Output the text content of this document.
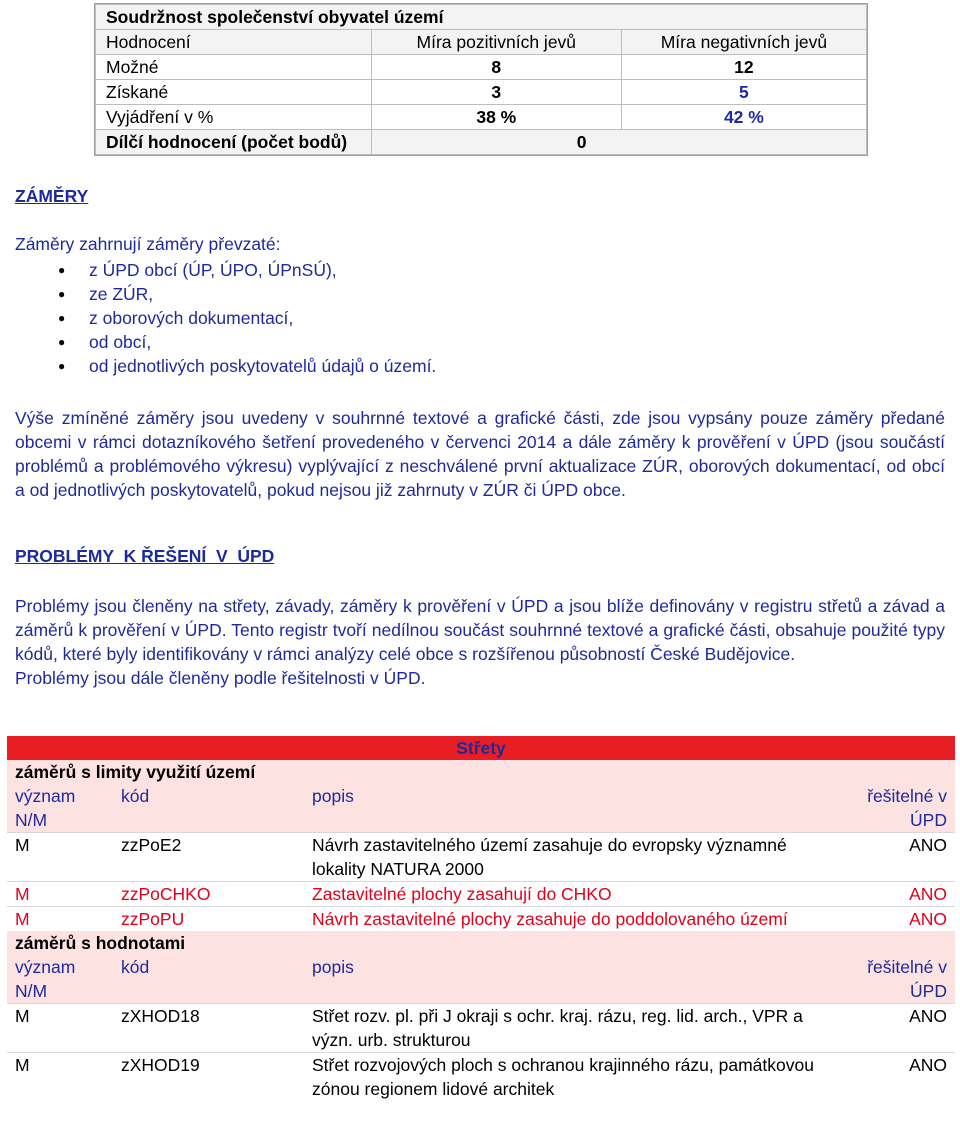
Soudržnost společenství obyvatel území		
Hodnocení	Míra pozitivních jevů	Míra negativních jevů
Možné	8	12
Získané	3	5
Vyjádření v %	38 %	42 %
Dílčí hodnocení (počet bodů)	0	
ZÁMĚRY
Záměry zahrnují záměry převzaté:
● z ÚPD obcí (ÚP, ÚPO, ÚPnSÚ),
● ze ZÚR,
● z oborových dokumentací,
● od obcí,
● od jednotlivých poskytovatelů údajů o území.
Výše zmíněné záměry jsou uvedeny v souhrnné textové a grafické části, zde jsou vypsány pouze záměry předané obcemi v rámci dotazníkového šetření provedeného v červenci 2014 a dále záměry k prověření v ÚPD (jsou součástí problémů a problémového výkresu) vyplývající z neschválené první aktualizace ZÚR, oborových dokumentací, od obcí a od jednotlivých poskytovatelů, pokud nejsou již zahrnuty v ZÚR či ÚPD obce.
PROBLÉMY  K ŘEŠENÍ  V  ÚPD
Problémy jsou členěny na střety, závady, záměry k prověření v ÚPD a jsou blíže definovány v registru střetů a závad a záměrů k prověření v ÚPD. Tento registr tvoří nedílnou součást souhrnné textové a grafické části, obsahuje použité typy kódů, které byly identifikovány v rámci analýzy celé obce s rozšířenou působností České Budějovice.
Problémy jsou dále členěny podle řešitelnosti v ÚPD.
Střety			
záměrů s limity využití území			
význam N/M	kód	popis	řešitelné v ÚPD
M	zzPoE2	Návrh zastavitelného území zasahuje do evropsky významné lokality NATURA 2000	ANO
M	zzPoCHKO	Zastavitelné plochy zasahují do CHKO	ANO
M	zzPoPU	Návrh zastavitelné plochy zasahuje do poddolovaného území	ANO
záměrů s hodnotami			
význam N/M	kód	popis	řešitelné v ÚPD
M	zXHOD18	Střet rozv. pl. při J okraji s ochr. kraj. rázu, reg. lid. arch., VPR a význ. urb. strukturou	ANO
M	zXHOD19	Střet rozvojových ploch s ochranou krajinného rázu, památkovou zónou regionem lidové architek	ANO
